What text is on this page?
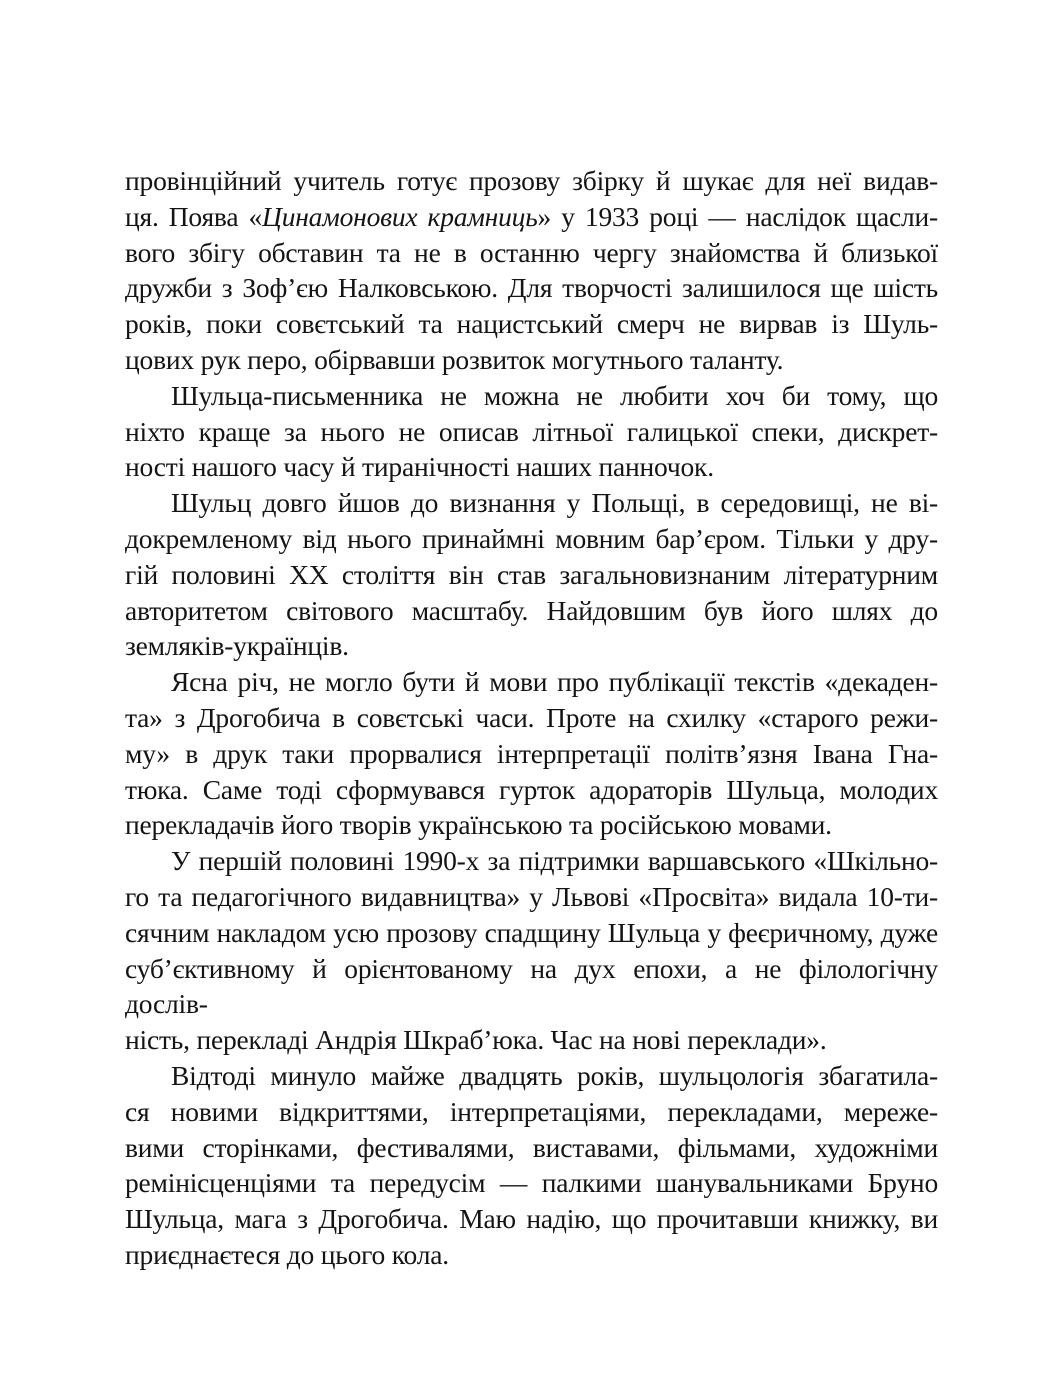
провінційний учитель готує прозову збірку й шукає для неї видав-
ця. Поява «Цинамонових крамниць» у 1933 році — наслідок щасли-
вого збігу обставин та не в останню чергу знайомства й близької
дружби з Зоф’єю Налковською. Для творчості залишилося ще шість
років, поки совєтський та нацистський смерч не вирвав із Шуль-
цових рук перо, обірвавши розвиток могутнього таланту.
Шульца-письменника не можна не любити хоч би тому, що
ніхто краще за нього не описав літньої галицької спеки, дискрет-
ності нашого часу й тиранічності наших панночок.
Шульц довго йшов до визнання у Польщі, в середовищі, не ві-
докремленому від нього принаймні мовним бар’єром. Тільки у дру-
гій половині XX століття він став загальновизнаним літературним
авторитетом світового масштабу. Найдовшим був його шлях до
земляків-українців.
Ясна річ, не могло бути й мови про публікації текстів «декаден-
та» з Дрогобича в совєтські часи. Проте на схилку «старого режи-
му» в друк таки прорвалися інтерпретації політв’язня Івана Гна-
тюка. Саме тоді сформувався гурток адораторів Шульца, молодих
перекладачів його творів українською та російською мовами.
У першій половині 1990-х за підтримки варшавського «Шкільно-
го та педагогічного видавництва» у Львові «Просвіта» видала 10-ти-
сячним накладом усю прозову спадщину Шульца у феєричному, дуже
суб’єктивному й орієнтованому на дух епохи, а не філологічну дослів-
ність, перекладі Андрія Шкраб’юка. Час на нові переклади».
Відтоді минуло майже двадцять років, шульцологія збагатила-
ся новими відкриттями, інтерпретаціями, перекладами, мереже-
вими сторінками, фестивалями, виставами, фільмами, художніми
ремінісценціями та передусім — палкими шанувальниками Бруно
Шульца, мага з Дрогобича. Маю надію, що прочитавши книжку, ви
приєднаєтеся до цього кола.
